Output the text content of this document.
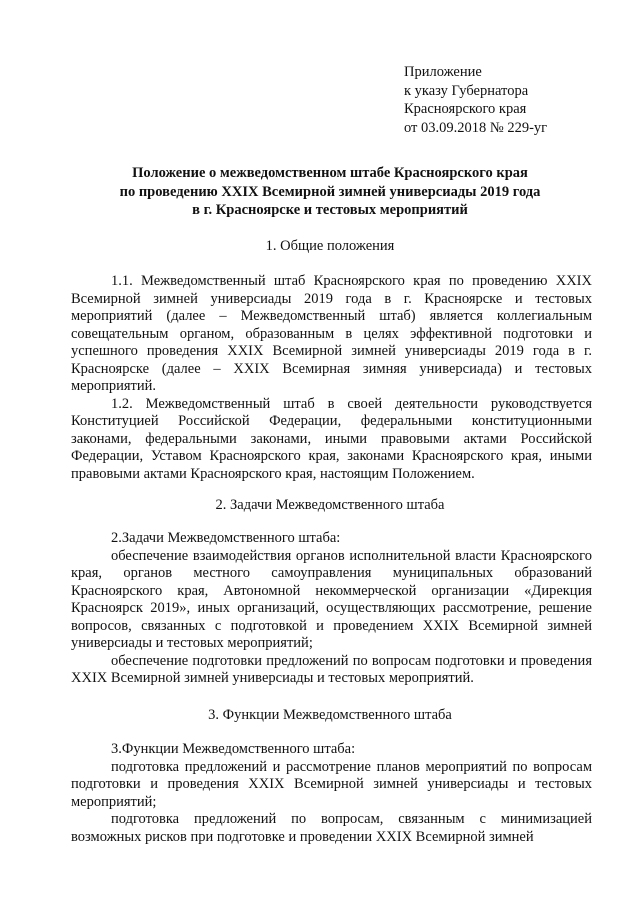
Приложение
к указу Губернатора
Красноярского края
от 03.09.2018 № 229-уг
Положение о межведомственном штабе Красноярского края
по проведению XXIX Всемирной зимней универсиады 2019 года
в г. Красноярске и тестовых мероприятий
1. Общие положения

1.1. Межведомственный штаб Красноярского края по проведению XXIX Всемирной зимней универсиады 2019 года в г. Красноярске и тестовых мероприятий (далее – Межведомственный штаб) является коллегиальным совещательным органом, образованным в целях эффективной подготовки и успешного проведения XXIX Всемирной зимней универсиады 2019 года в г. Красноярске (далее – XXIX Всемирная зимняя универсиада) и тестовых мероприятий.

1.2. Межведомственный штаб в своей деятельности руководствуется Конституцией Российской Федерации, федеральными конституционными законами, федеральными законами, иными правовыми актами Российской Федерации, Уставом Красноярского края, законами Красноярского края, иными правовыми актами Красноярского края, настоящим Положением.

2. Задачи Межведомственного штаба

2.Задачи Межведомственного штаба:

обеспечение взаимодействия органов исполнительной власти Красноярского края, органов местного самоуправления муниципальных образований Красноярского края, Автономной некоммерческой организации «Дирекция Красноярск 2019», иных организаций, осуществляющих рассмотрение, решение вопросов, связанных с подготовкой и проведением XXIX Всемирной зимней универсиады и тестовых мероприятий;

обеспечение подготовки предложений по вопросам подготовки и проведения XXIX Всемирной зимней универсиады и тестовых мероприятий.

3. Функции Межведомственного штаба

3.Функции Межведомственного штаба:

подготовка предложений и рассмотрение планов мероприятий по вопросам подготовки и проведения XXIX Всемирной зимней универсиады и тестовых мероприятий;

подготовка предложений по вопросам, связанным с минимизацией возможных рисков при подготовке и проведении XXIX Всемирной зимней
